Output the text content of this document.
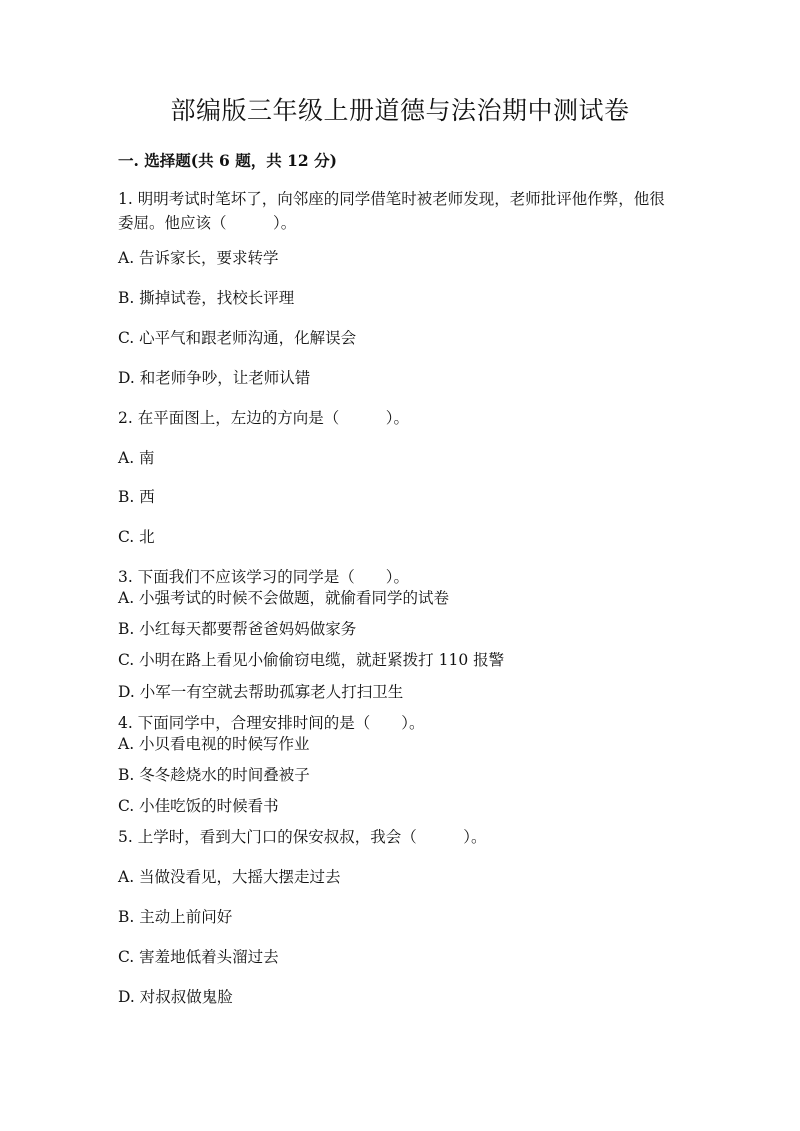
部编版三年级上册道德与法治期中测试卷
一. 选择题(共 6 题，共 12 分)
1. 明明考试时笔坏了，向邻座的同学借笔时被老师发现，老师批评他作弊，他很委屈。他应该（　　　）。
A. 告诉家长，要求转学
B. 撕掉试卷，找校长评理
C. 心平气和跟老师沟通，化解误会
D. 和老师争吵，让老师认错
2. 在平面图上，左边的方向是（　　　）。
A. 南
B. 西
C. 北
3. 下面我们不应该学习的同学是（　　）。
A. 小强考试的时候不会做题，就偷看同学的试卷
B. 小红每天都要帮爸爸妈妈做家务
C. 小明在路上看见小偷偷窃电缆，就赶紧拨打 110 报警
D. 小军一有空就去帮助孤寡老人打扫卫生
4. 下面同学中，合理安排时间的是（　　）。
A. 小贝看电视的时候写作业
B. 冬冬趁烧水的时间叠被子
C. 小佳吃饭的时候看书
5. 上学时，看到大门口的保安叔叔，我会（　　　）。
A. 当做没看见，大摇大摆走过去
B. 主动上前问好
C. 害羞地低着头溜过去
D. 对叔叔做鬼脸
